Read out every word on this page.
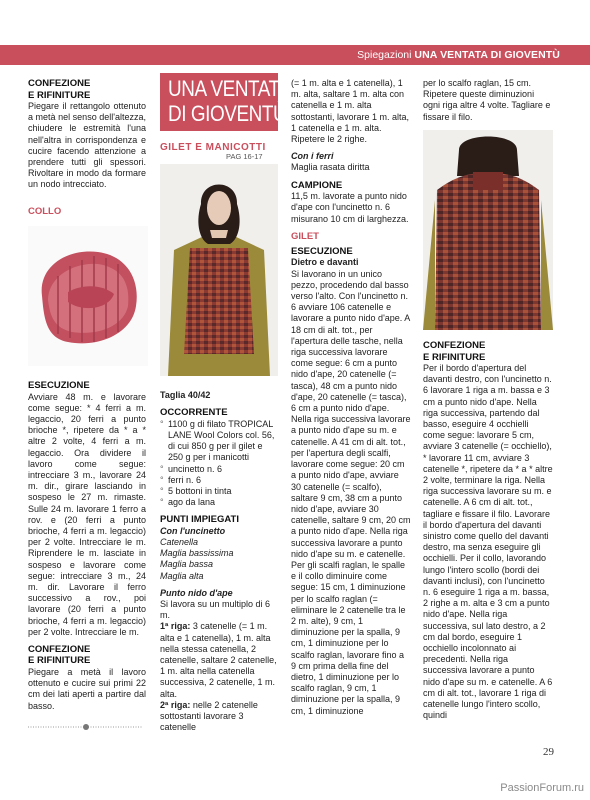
Spiegazioni UNA VENTATA DI GIOVENTÙ

CONFEZIONE
E RIFINITURE

Piegare il rettangolo ottenuto a metà nel senso dell'altezza, chiudere le estremità l'una nell'altra in corrispondenza e cucire facendo attenzione a prendere tutti gli spessori. Rivoltare in modo da formare un nodo intrecciato.

COLLO

ESECUZIONE

Avviare 48 m. e lavorare come segue: * 4 ferri a m. legaccio, 20 ferri a punto brioche *, ripetere da * a * altre 2 volte, 4 ferri a m. legaccio. Ora dividere il lavoro come segue: intrecciare 3 m., lavorare 24 m. dir., girare lasciando in sospeso le 27 m. rimaste. Sulle 24 m. lavorare 1 ferro a rov. e (20 ferri a punto brioche, 4 ferri a m. legaccio) per 2 volte. Intrecciare le m. Riprendere le m. lasciate in sospeso e lavorare come segue: intrecciare 3 m., 24 m. dir. Lavorare il ferro successivo a rov., poi lavorare (20 ferri a punto brioche, 4 ferri a m. legaccio) per 2 volte. Intrecciare le m.

CONFEZIONE
E RIFINITURE

Piegare a metà il lavoro ottenuto e cucire sui primi 22 cm dei lati aperti a partire dal basso.

UNA VENTATA
DI GIOVENTÙ
GILET E MANICOTTI
PAG 16-17

Taglia 40/42

OCCORRENTE

° 1100 g di filato TROPICAL LANE Wool Colors col. 56, di cui 850 g per il gilet e 250 g per i manicotti
° uncinetto n. 6
° ferri n. 6
° 5 bottoni in tinta
° ago da lana

PUNTI IMPIEGATI

Con l'uncinetto

Catenella

Maglia bassissima

Maglia bassa

Maglia alta

Punto nido d'ape

Si lavora su un multiplo di 6 m.

1ª riga: 3 catenelle (= 1 m. alta e 1 catenella), 1 m. alta nella stessa catenella, 2 catenelle, saltare 2 catenelle, 1 m. alta nella catenella successiva, 2 catenelle, 1 m. alta.

2ª riga: nelle 2 catenelle sottostanti lavorare 3 catenelle

(= 1 m. alta e 1 catenella), 1 m. alta, saltare 1 m. alta con catenella e 1 m. alta sottostanti, lavorare 1 m. alta, 1 catenella e 1 m. alta. Ripetere le 2 righe.

Con i ferri

Maglia rasata diritta

CAMPIONE

11,5 m. lavorate a punto nido d'ape con l'uncinetto n. 6 misurano 10 cm di larghezza.

GILET

ESECUZIONE

Dietro e davanti

Si lavorano in un unico pezzo, procedendo dal basso verso l'alto. Con l'uncinetto n. 6 avviare 106 catenelle e lavorare a punto nido d'ape. A 18 cm di alt. tot., per l'apertura delle tasche, nella riga successiva lavorare come segue: 6 cm a punto nido d'ape, 20 catenelle (= tasca), 48 cm a punto nido d'ape, 20 catenelle (= tasca), 6 cm a punto nido d'ape. Nella riga successiva lavorare a punto nido d'ape su m. e catenelle. A 41 cm di alt. tot., per l'apertura degli scalfi, lavorare come segue: 20 cm a punto nido d'ape, avviare 30 catenelle (= scalfo), saltare 9 cm, 38 cm a punto nido d'ape, avviare 30 catenelle, saltare 9 cm, 20 cm a punto nido d'ape. Nella riga successiva lavorare a punto nido d'ape su m. e catenelle. Per gli scalfi raglan, le spalle e il collo diminuire come segue: 15 cm, 1 diminuzione per lo scalfo raglan (= eliminare le 2 catenelle tra le 2 m. alte), 9 cm, 1 diminuzione per la spalla, 9 cm, 1 diminuzione per lo scalfo raglan, lavorare fino a 9 cm prima della fine del dietro, 1 diminuzione per lo scalfo raglan, 9 cm, 1 diminuzione per la spalla, 9 cm, 1 diminuzione

per lo scalfo raglan, 15 cm. Ripetere queste diminuzioni ogni riga altre 4 volte. Tagliare e fissare il filo.

CONFEZIONE
E RIFINITURE

Per il bordo d'apertura del davanti destro, con l'uncinetto n. 6 lavorare 1 riga a m. bassa e 3 cm a punto nido d'ape. Nella riga successiva, partendo dal basso, eseguire 4 occhielli come segue: lavorare 5 cm, avviare 3 catenelle (= occhiello), * lavorare 11 cm, avviare 3 catenelle *, ripetere da * a * altre 2 volte, terminare la riga. Nella riga successiva lavorare su m. e catenelle. A 6 cm di alt. tot., tagliare e fissare il filo. Lavorare il bordo d'apertura del davanti sinistro come quello del davanti destro, ma senza eseguire gli occhielli. Per il collo, lavorando lungo l'intero scollo (bordi dei davanti inclusi), con l'uncinetto n. 6 eseguire 1 riga a m. bassa, 2 righe a m. alta e 3 cm a punto nido d'ape. Nella riga successiva, sul lato destro, a 2 cm dal bordo, eseguire 1 occhiello incolonnato ai precedenti. Nella riga successiva lavorare a punto nido d'ape su m. e catenelle. A 6 cm di alt. tot., lavorare 1 riga di catenelle lungo l'intero scollo, quindi

29
PassionForum.ru
